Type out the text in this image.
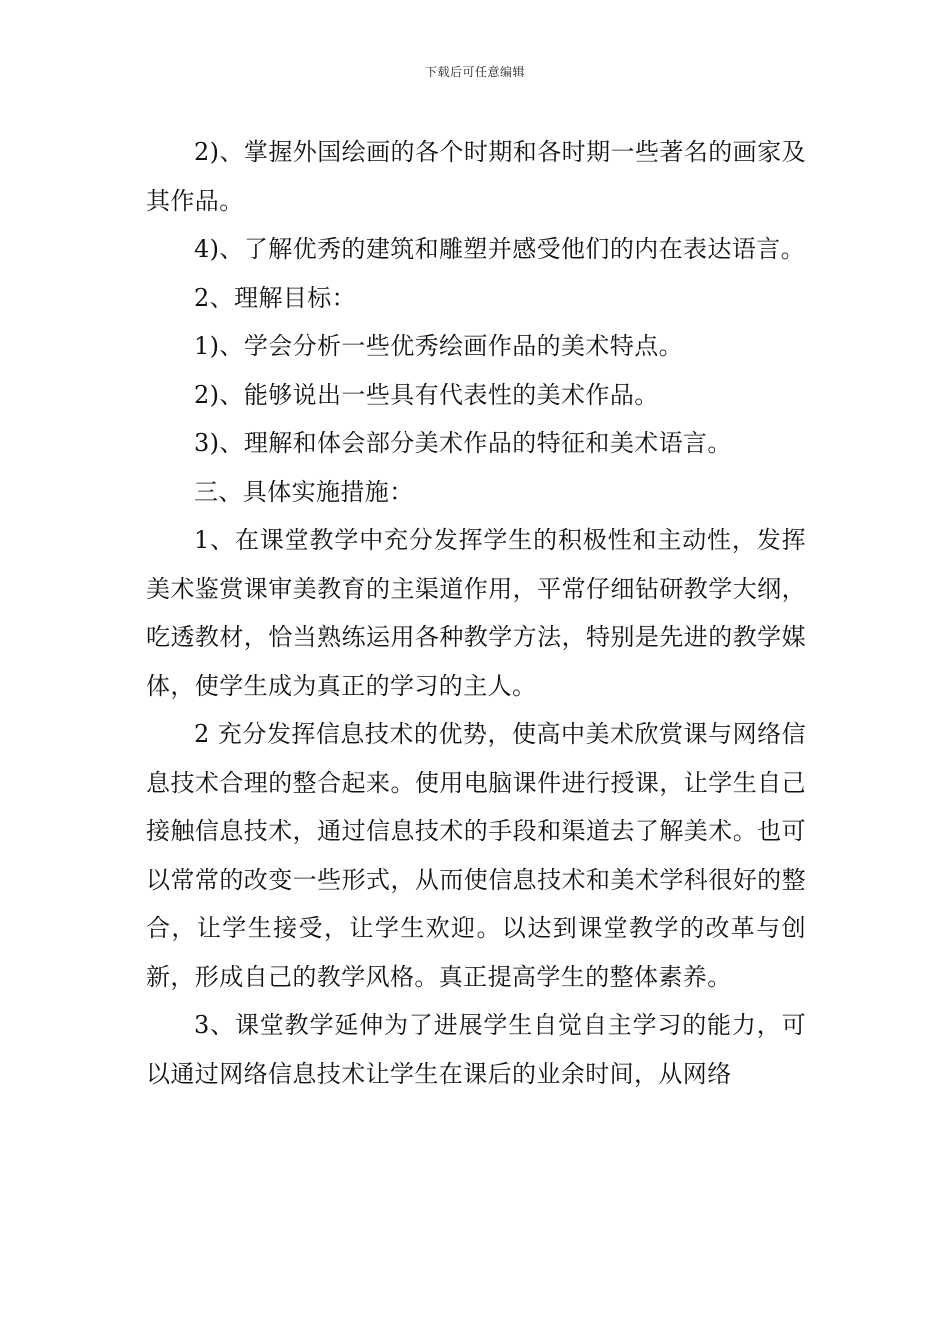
下载后可任意编辑

2)、掌握外国绘画的各个时期和各时期一些著名的画家及其作品。

4)、了解优秀的建筑和雕塑并感受他们的内在表达语言。

2、理解目标：

1)、学会分析一些优秀绘画作品的美术特点。

2)、能够说出一些具有代表性的美术作品。

3)、理解和体会部分美术作品的特征和美术语言。

三、具体实施措施：

1、在课堂教学中充分发挥学生的积极性和主动性，发挥美术鉴赏课审美教育的主渠道作用，平常仔细钻研教学大纲，吃透教材，恰当熟练运用各种教学方法，特别是先进的教学媒体，使学生成为真正的学习的主人。

2 充分发挥信息技术的优势，使高中美术欣赏课与网络信息技术合理的整合起来。使用电脑课件进行授课，让学生自己接触信息技术，通过信息技术的手段和渠道去了解美术。也可以常常的改变一些形式，从而使信息技术和美术学科很好的整合，让学生接受，让学生欢迎。以达到课堂教学的改革与创新，形成自己的教学风格。真正提高学生的整体素养。

3、课堂教学延伸为了进展学生自觉自主学习的能力，可以通过网络信息技术让学生在课后的业余时间，从网络
